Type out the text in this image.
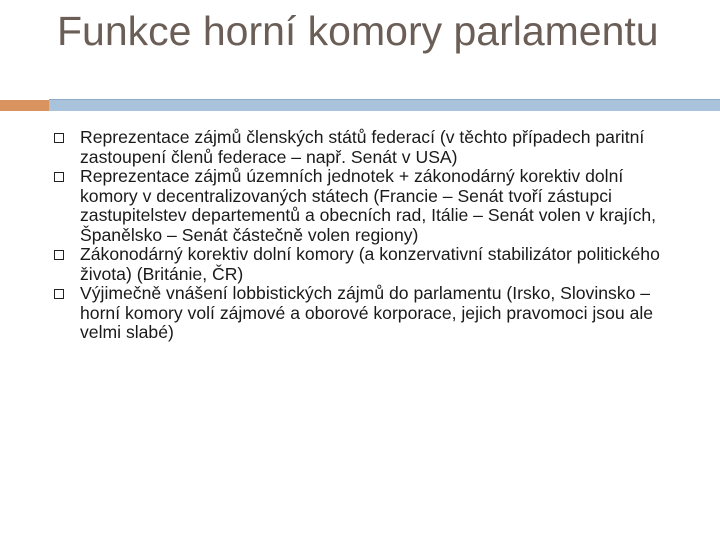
Funkce horní komory parlamentu
Reprezentace zájmů členských států federací (v těchto případech paritní zastoupení členů federace – např. Senát v USA)
Reprezentace zájmů územních jednotek + zákonodárný korektiv dolní komory v decentralizovaných státech (Francie – Senát tvoří zástupci zastupitelstev departementů a obecních rad, Itálie – Senát volen v krajích, Španělsko – Senát částečně volen regiony)
Zákonodárný korektiv dolní komory (a konzervativní stabilizátor politického života) (Británie, ČR)
Výjimečně vnášení lobbistických zájmů do parlamentu (Irsko, Slovinsko – horní komory volí zájmové a oborové korporace, jejich pravomoci jsou ale velmi slabé)
